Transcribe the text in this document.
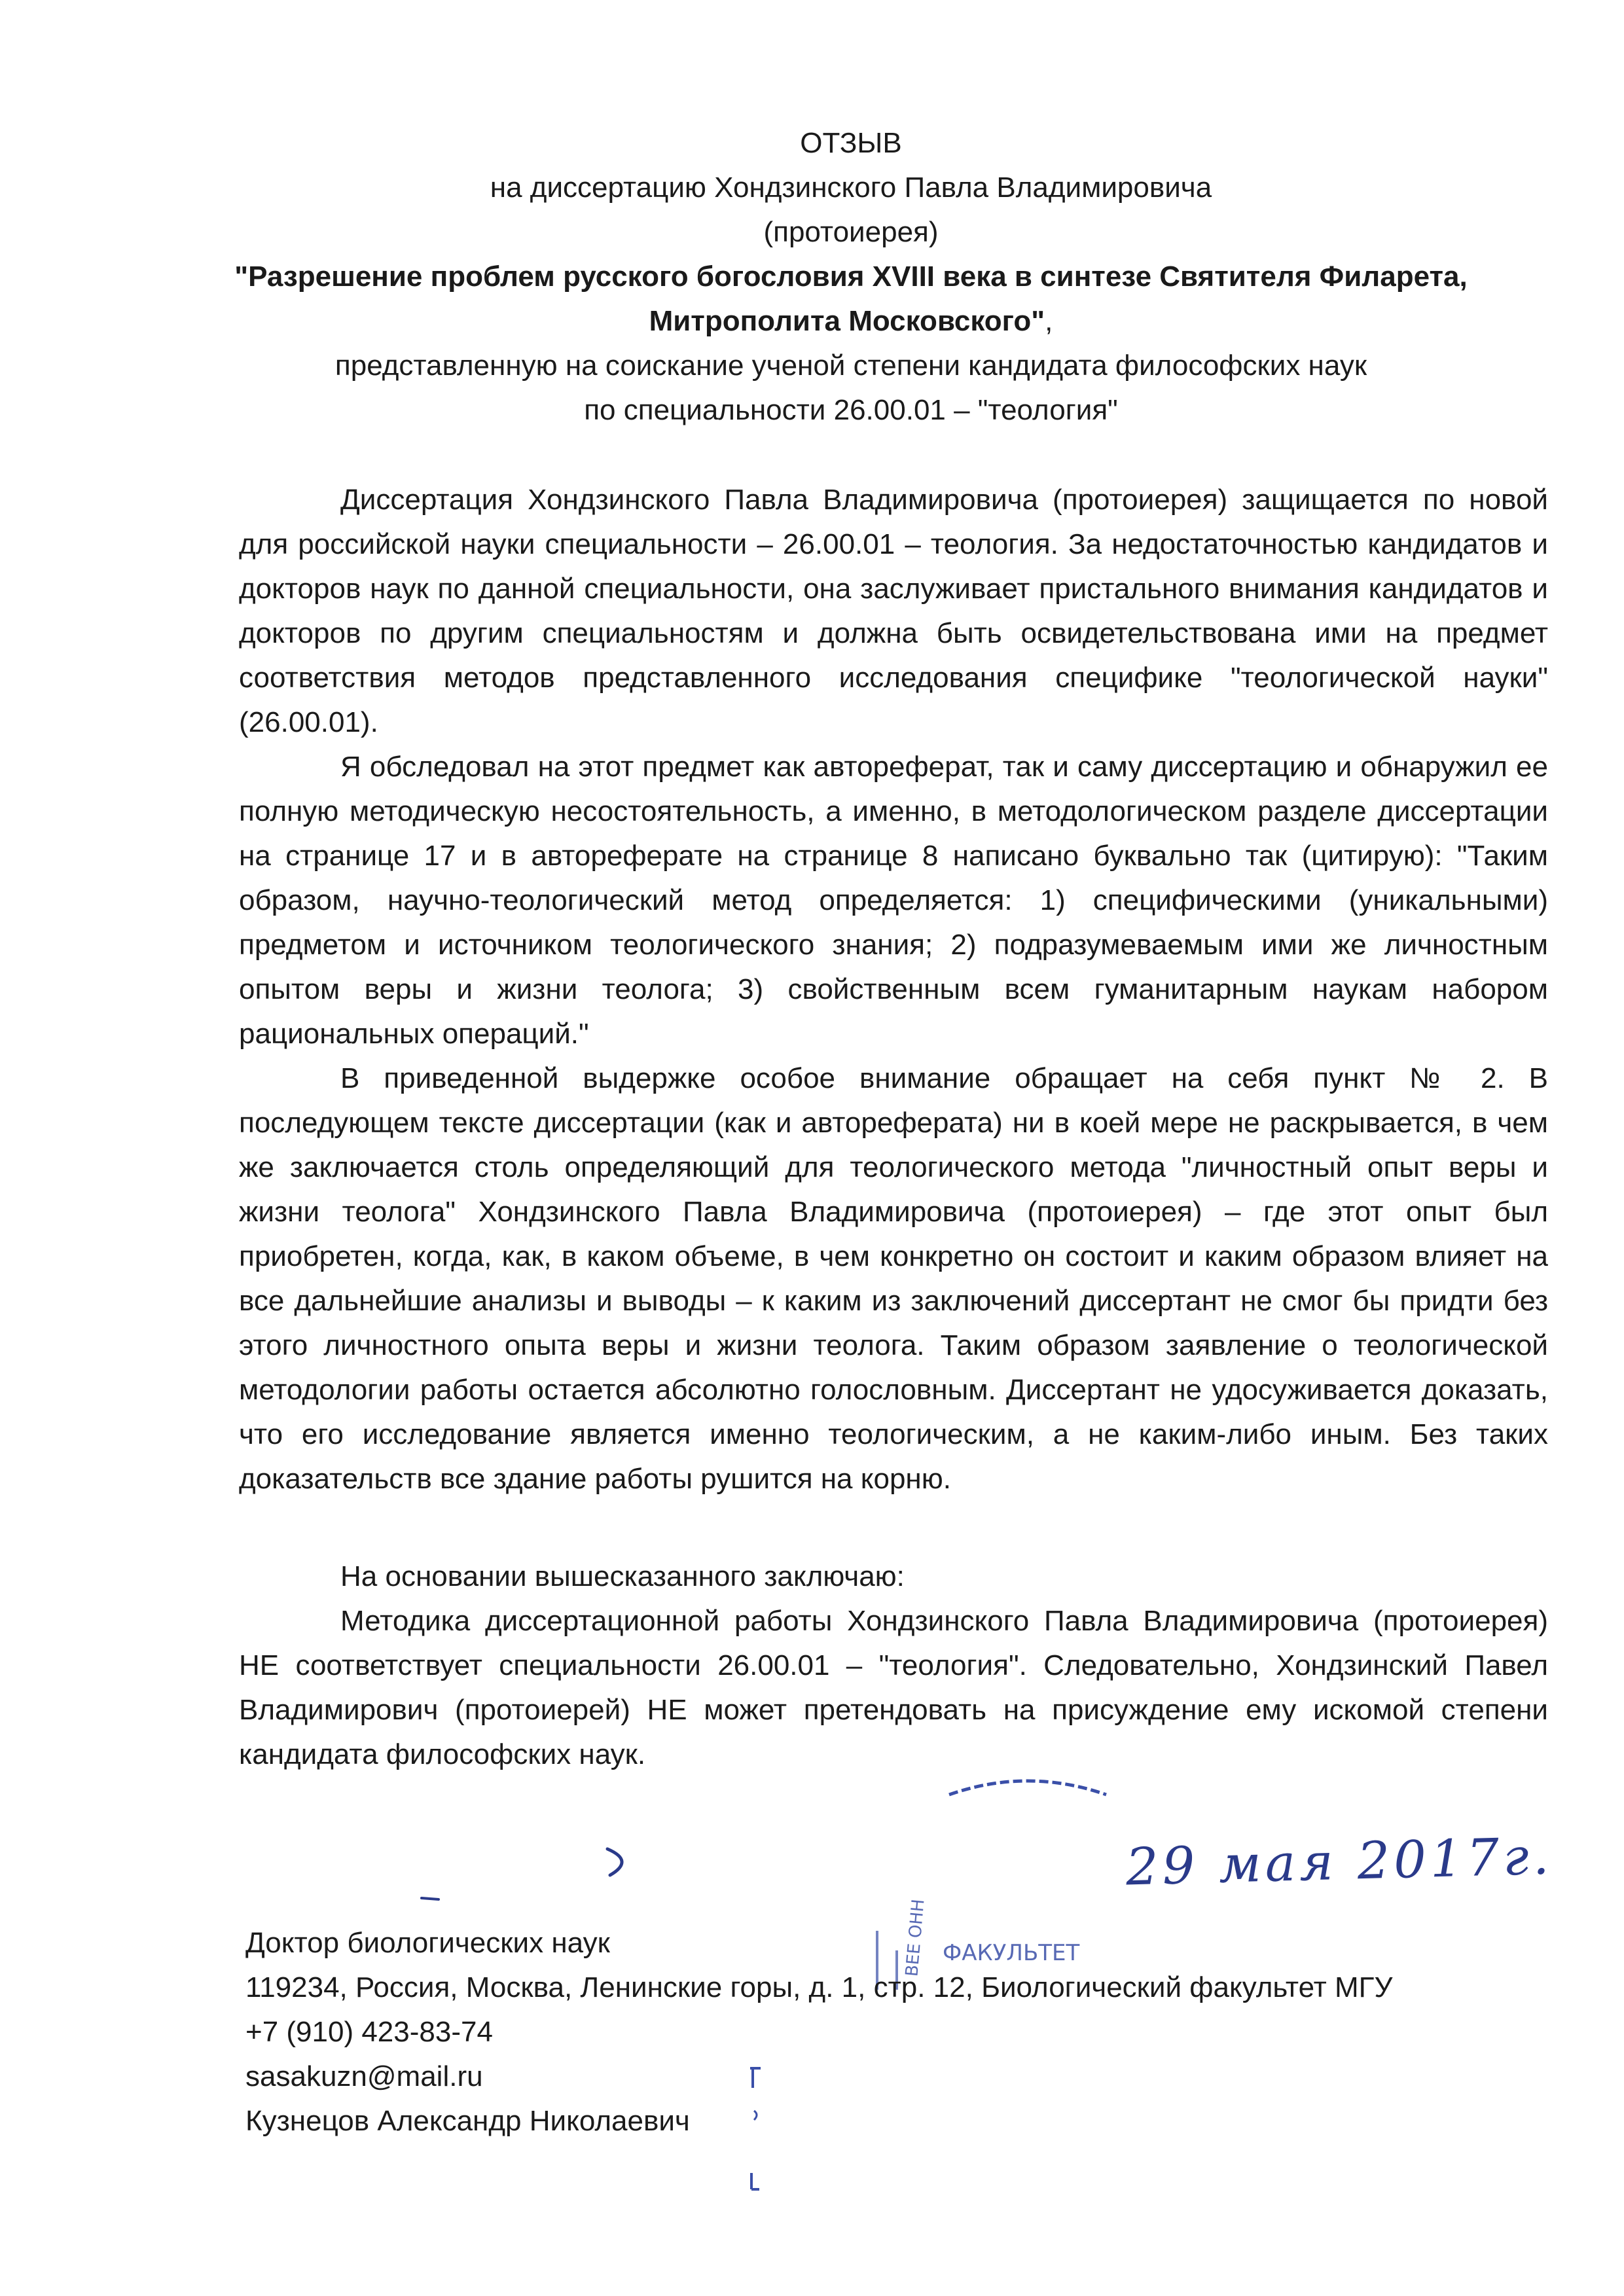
ОТЗЫВ
на диссертацию Хондзинского Павла Владимировича
(протоиерея)
"Разрешение проблем русского богословия XVIII века в синтезе Святителя Филарета,
Митрополита Московского",
представленную на соискание ученой степени кандидата философских наук
по специальности 26.00.01 – "теология"

Диссертация Хондзинского Павла Владимировича (протоиерея) защищается по новой для российской науки специальности – 26.00.01 – теология. За недостаточностью кандидатов и докторов наук по данной специальности, она заслуживает пристального внимания кандидатов и докторов по другим специальностям и должна быть освидетельствована ими на предмет соответствия методов представленного исследования специфике "теологической науки" (26.00.01).

Я обследовал на этот предмет как автореферат, так и саму диссертацию и обнаружил ее полную методическую несостоятельность, а именно, в методологическом разделе диссертации на странице 17 и в автореферате на странице 8 написано буквально так (цитирую): "Таким образом, научно-теологический метод определяется: 1) специфическими (уникальными) предметом и источником теологического знания; 2) подразумеваемым ими же личностным опытом веры и жизни теолога; 3) свойственным всем гуманитарным наукам набором рациональных операций."

В приведенной выдержке особое внимание обращает на себя пункт № 2. В последующем тексте диссертации (как и автореферата) ни в коей мере не раскрывается, в чем же заключается столь определяющий для теологического метода "личностный опыт веры и жизни теолога" Хондзинского Павла Владимировича (протоиерея) – где этот опыт был приобретен, когда, как, в каком объеме, в чем конкретно он состоит и каким образом влияет на все дальнейшие анализы и выводы – к каким из заключений диссертант не смог бы придти без этого личностного опыта веры и жизни теолога. Таким образом заявление о теологической методологии работы остается абсолютно голословным. Диссертант не удосуживается доказать, что его исследование является именно теологическим, а не каким-либо иным. Без таких доказательств все здание работы рушится на корню.

На основании вышесказанного заключаю:

Методика диссертационной работы Хондзинского Павла Владимировича (протоиерея) НЕ соответствует специальности 26.00.01 – "теология". Следовательно, Хондзинский Павел Владимирович (протоиерей) НЕ может претендовать на присуждение ему искомой степени кандидата философских наук.

ВЕЕ ОНН ФАКУЛЬТЕТ
29 мая 2017г.
Доктор биологических наук
119234, Россия, Москва, Ленинские горы, д. 1, стр. 12, Биологический факультет МГУ
+7 (910) 423-83-74
sasakuzn@mail.ru
Кузнецов Александр Николаевич
